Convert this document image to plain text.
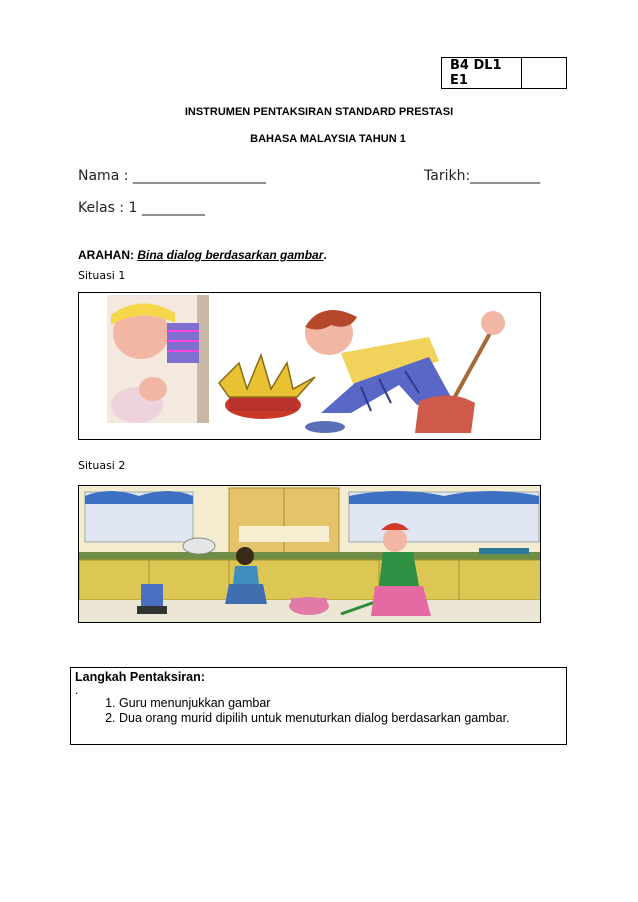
B4 DL1 E1
INSTRUMEN PENTAKSIRAN STANDARD PRESTASI
BAHASA MALAYSIA TAHUN 1
Nama : ___________________	Tarikh:__________
Kelas : 1 _________
ARAHAN: Bina dialog berdasarkan gambar.
Situasi 1
Situasi 2
Langkah Pentaksiran:
.
1. Guru menunjukkan gambar
2. Dua orang murid dipilih untuk menuturkan dialog berdasarkan gambar.
